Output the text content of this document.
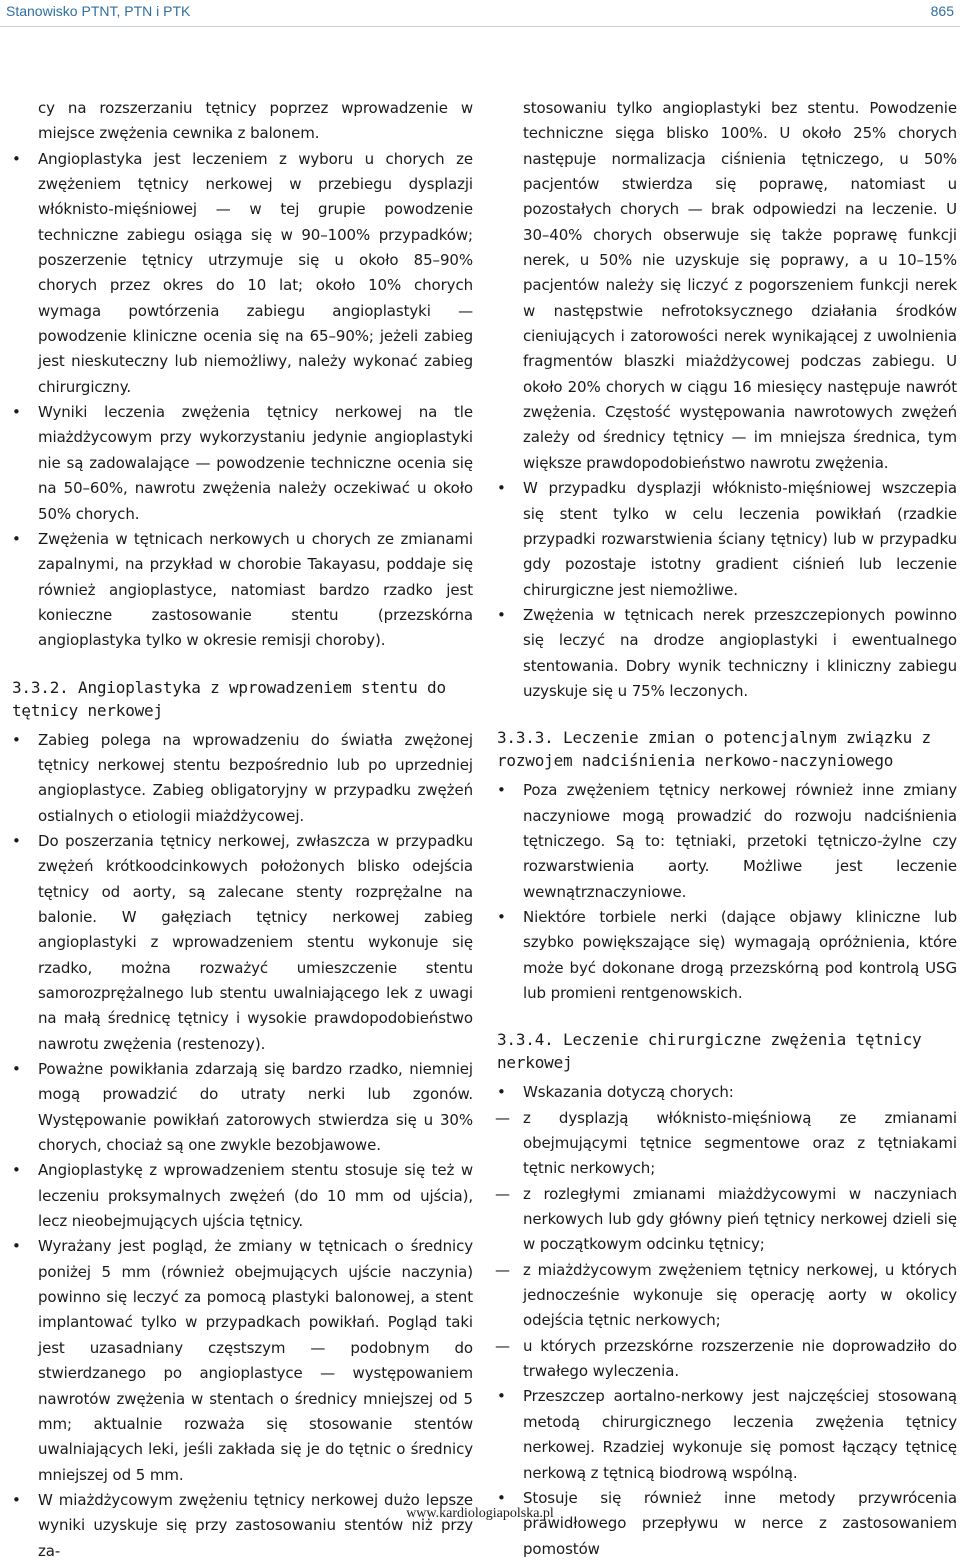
Stanowisko PTNT, PTN i PTK	865

cy na rozszerzaniu tętnicy poprzez wprowadzenie w miejsce zwężenia cewnika z balonem.

•	Angioplastyka jest leczeniem z wyboru u chorych ze zwężeniem tętnicy nerkowej w przebiegu dysplazji włóknisto-mięśniowej — w tej grupie powodzenie techniczne zabiegu osiąga się w 90–100% przypadków; poszerzenie tętnicy utrzymuje się u około 85–90% chorych przez okres do 10 lat; około 10% chorych wymaga powtórzenia zabiegu angioplastyki — powodzenie kliniczne ocenia się na 65–90%; jeżeli zabieg jest nieskuteczny lub niemożliwy, należy wykonać zabieg chirurgiczny.
•	Wyniki leczenia zwężenia tętnicy nerkowej na tle miażdżycowym przy wykorzystaniu jedynie angioplastyki nie są zadowalające — powodzenie techniczne ocenia się na 50–60%, nawrotu zwężenia należy oczekiwać u około 50% chorych.
•	Zwężenia w tętnicach nerkowych u chorych ze zmianami zapalnymi, na przykład w chorobie Takayasu, poddaje się również angioplastyce, natomiast bardzo rzadko jest konieczne zastosowanie stentu (przezskórna angioplastyka tylko w okresie remisji choroby).
3.3.2. Angioplastyka z wprowadzeniem stentu do tętnicy nerkowej
•	Zabieg polega na wprowadzeniu do światła zwężonej tętnicy nerkowej stentu bezpośrednio lub po uprzedniej angioplastyce. Zabieg obligatoryjny w przypadku zwężeń ostialnych o etiologii miażdżycowej.
•	Do poszerzania tętnicy nerkowej, zwłaszcza w przypadku zwężeń krótkoodcinkowych położonych blisko odejścia tętnicy od aorty, są zalecane stenty rozprężalne na balonie. W gałęziach tętnicy nerkowej zabieg angioplastyki z wprowadzeniem stentu wykonuje się rzadko, można rozważyć umieszczenie stentu samorozprężalnego lub stentu uwalniającego lek z uwagi na małą średnicę tętnicy i wysokie prawdopodobieństwo nawrotu zwężenia (restenozy).
•	Poważne powikłania zdarzają się bardzo rzadko, niemniej mogą prowadzić do utraty nerki lub zgonów. Występowanie powikłań zatorowych stwierdza się u 30% chorych, chociaż są one zwykle bezobjawowe.
•	Angioplastykę z wprowadzeniem stentu stosuje się też w leczeniu proksymalnych zwężeń (do 10 mm od ujścia), lecz nieobejmujących ujścia tętnicy.
•	Wyrażany jest pogląd, że zmiany w tętnicach o średnicy poniżej 5 mm (również obejmujących ujście naczynia) powinno się leczyć za pomocą plastyki balonowej, a stent implantować tylko w przypadkach powikłań. Pogląd taki jest uzasadniany częstszym — podobnym do stwierdzanego po angioplastyce — występowaniem nawrotów zwężenia w stentach o średnicy mniejszej od 5 mm; aktualnie rozważa się stosowanie stentów uwalniających leki, jeśli zakłada się je do tętnic o średnicy mniejszej od 5 mm.
•	W miażdżycowym zwężeniu tętnicy nerkowej dużo lepsze wyniki uzyskuje się przy zastosowaniu stentów niż przy za-

stosowaniu tylko angioplastyki bez stentu. Powodzenie techniczne sięga blisko 100%. U około 25% chorych następuje normalizacja ciśnienia tętniczego, u 50% pacjentów stwierdza się poprawę, natomiast u pozostałych chorych — brak odpowiedzi na leczenie. U 30–40% chorych obserwuje się także poprawę funkcji nerek, u 50% nie uzyskuje się poprawy, a u 10–15% pacjentów należy się liczyć z pogorszeniem funkcji nerek w następstwie nefrotoksycznego działania środków cieniujących i zatorowości nerek wynikającej z uwolnienia fragmentów blaszki miażdżycowej podczas zabiegu. U około 20% chorych w ciągu 16 miesięcy następuje nawrót zwężenia. Częstość występowania nawrotowych zwężeń zależy od średnicy tętnicy — im mniejsza średnica, tym większe prawdopodobieństwo nawrotu zwężenia.

•	W przypadku dysplazji włóknisto-mięśniowej wszczepia się stent tylko w celu leczenia powikłań (rzadkie przypadki rozwarstwienia ściany tętnicy) lub w przypadku gdy pozostaje istotny gradient ciśnień lub leczenie chirurgiczne jest niemożliwe.
•	Zwężenia w tętnicach nerek przeszczepionych powinno się leczyć na drodze angioplastyki i ewentualnego stentowania. Dobry wynik techniczny i kliniczny zabiegu uzyskuje się u 75% leczonych.
3.3.3. Leczenie zmian o potencjalnym związku z rozwojem nadciśnienia nerkowo-naczyniowego
•	Poza zwężeniem tętnicy nerkowej również inne zmiany naczyniowe mogą prowadzić do rozwoju nadciśnienia tętniczego. Są to: tętniaki, przetoki tętniczo-żylne czy rozwarstwienia aorty. Możliwe jest leczenie wewnątrznaczyniowe.
•	Niektóre torbiele nerki (dające objawy kliniczne lub szybko powiększające się) wymagają opróżnienia, które może być dokonane drogą przezskórną pod kontrolą USG lub promieni rentgenowskich.
3.3.4. Leczenie chirurgiczne zwężenia tętnicy nerkowej
•	Wskazania dotyczą chorych:
— z dysplazją włóknisto-mięśniową ze zmianami obejmującymi tętnice segmentowe oraz z tętniakami tętnic nerkowych;
— z rozległymi zmianami miażdżycowymi w naczyniach nerkowych lub gdy główny pień tętnicy nerkowej dzieli się w początkowym odcinku tętnicy;
— z miażdżycowym zwężeniem tętnicy nerkowej, u których jednocześnie wykonuje się operację aorty w okolicy odejścia tętnic nerkowych;
— u których przezskórne rozszerzenie nie doprowadziło do trwałego wyleczenia.
•	Przeszczep aortalno-nerkowy jest najczęściej stosowaną metodą chirurgicznego leczenia zwężenia tętnicy nerkowej. Rzadziej wykonuje się pomost łączący tętnicę nerkową z tętnicą biodrową wspólną.
•	Stosuje się również inne metody przywrócenia prawidłowego przepływu w nerce z zastosowaniem pomostów
www.kardiologiapolska.pl
